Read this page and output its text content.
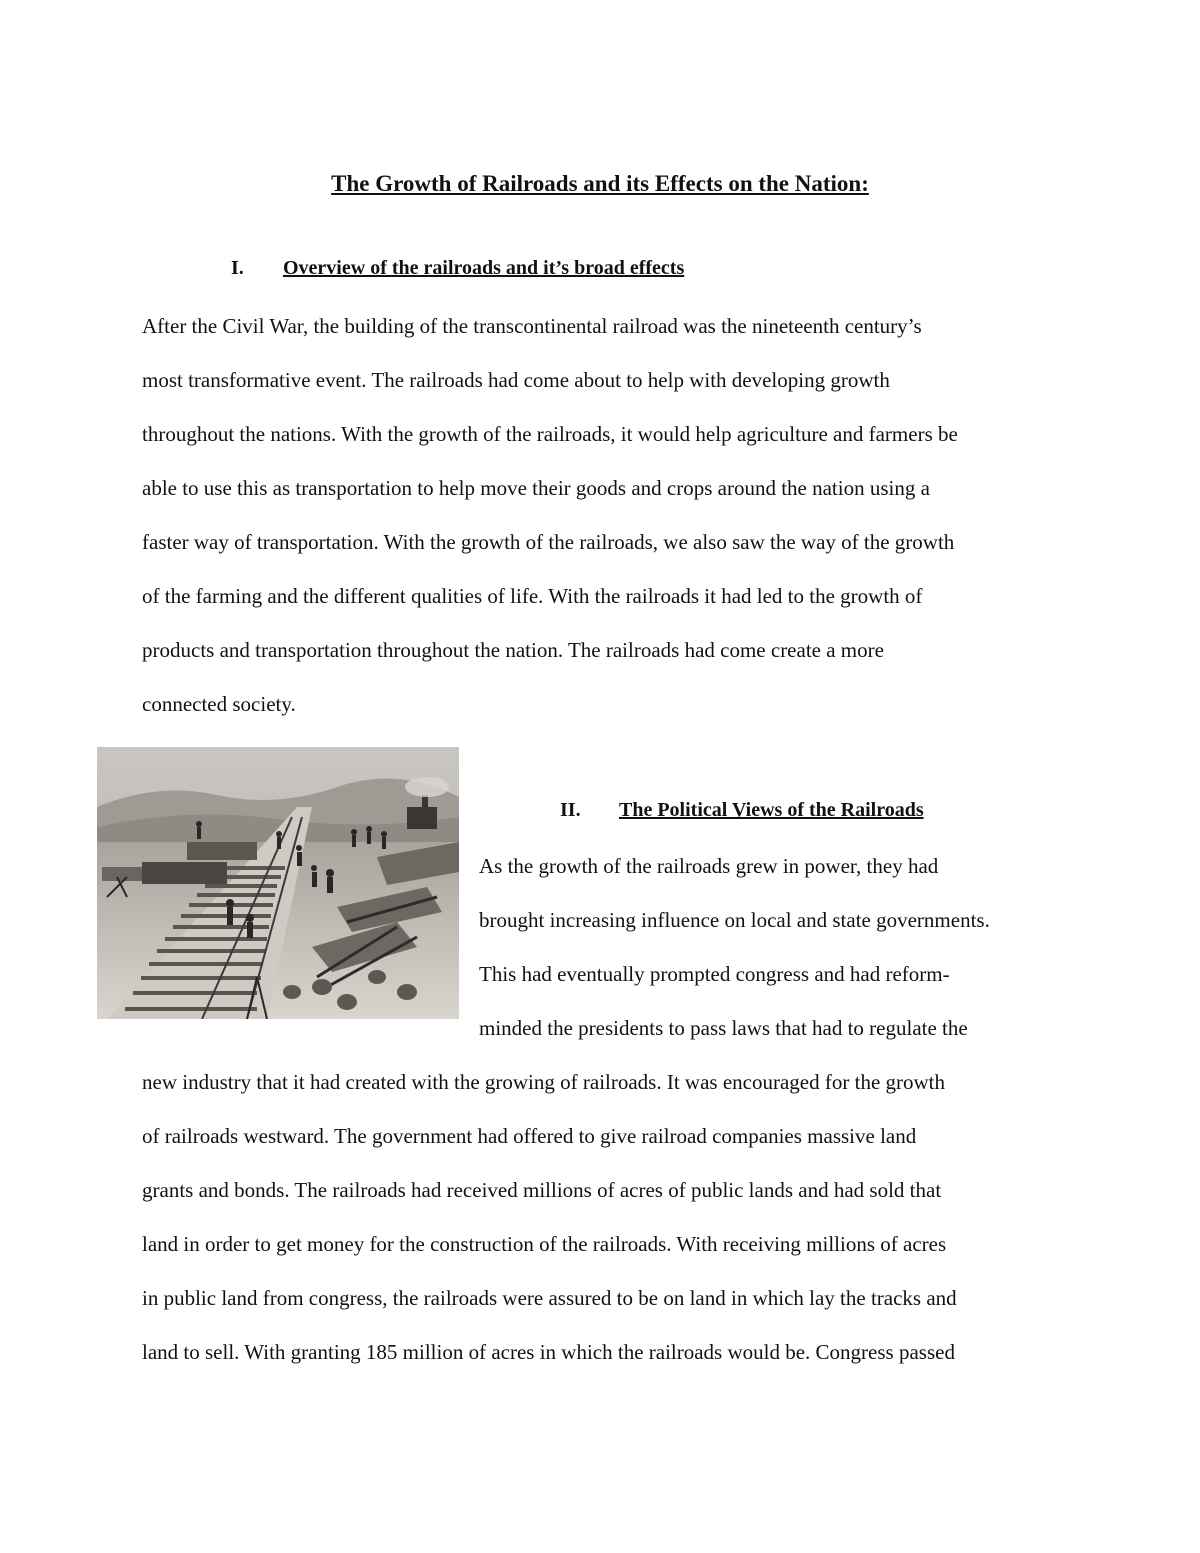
The Growth of Railroads and its Effects on the Nation:
I. Overview of the railroads and it’s broad effects
After the Civil War, the building of the transcontinental railroad was the nineteenth century’s
most transformative event. The railroads had come about to help with developing growth
throughout the nations. With the growth of the railroads, it would help agriculture and farmers be
able to use this as transportation to help move their goods and crops around the nation using a
faster way of transportation. With the growth of the railroads, we also saw the way of the growth
of the farming and the different qualities of life. With the railroads it had led to the growth of
products and transportation throughout the nation. The railroads had come create a more
connected society.
II. The Political Views of the Railroads
As the growth of the railroads grew in power, they had
brought increasing influence on local and state governments.
This had eventually prompted congress and had reform-
minded the presidents to pass laws that had to regulate the
new industry that it had created with the growing of railroads. It was encouraged for the growth
of railroads westward. The government had offered to give railroad companies massive land
grants and bonds. The railroads had received millions of acres of public lands and had sold that
land in order to get money for the construction of the railroads. With receiving millions of acres
in public land from congress, the railroads were assured to be on land in which lay the tracks and
land to sell. With granting 185 million of acres in which the railroads would be. Congress passed
